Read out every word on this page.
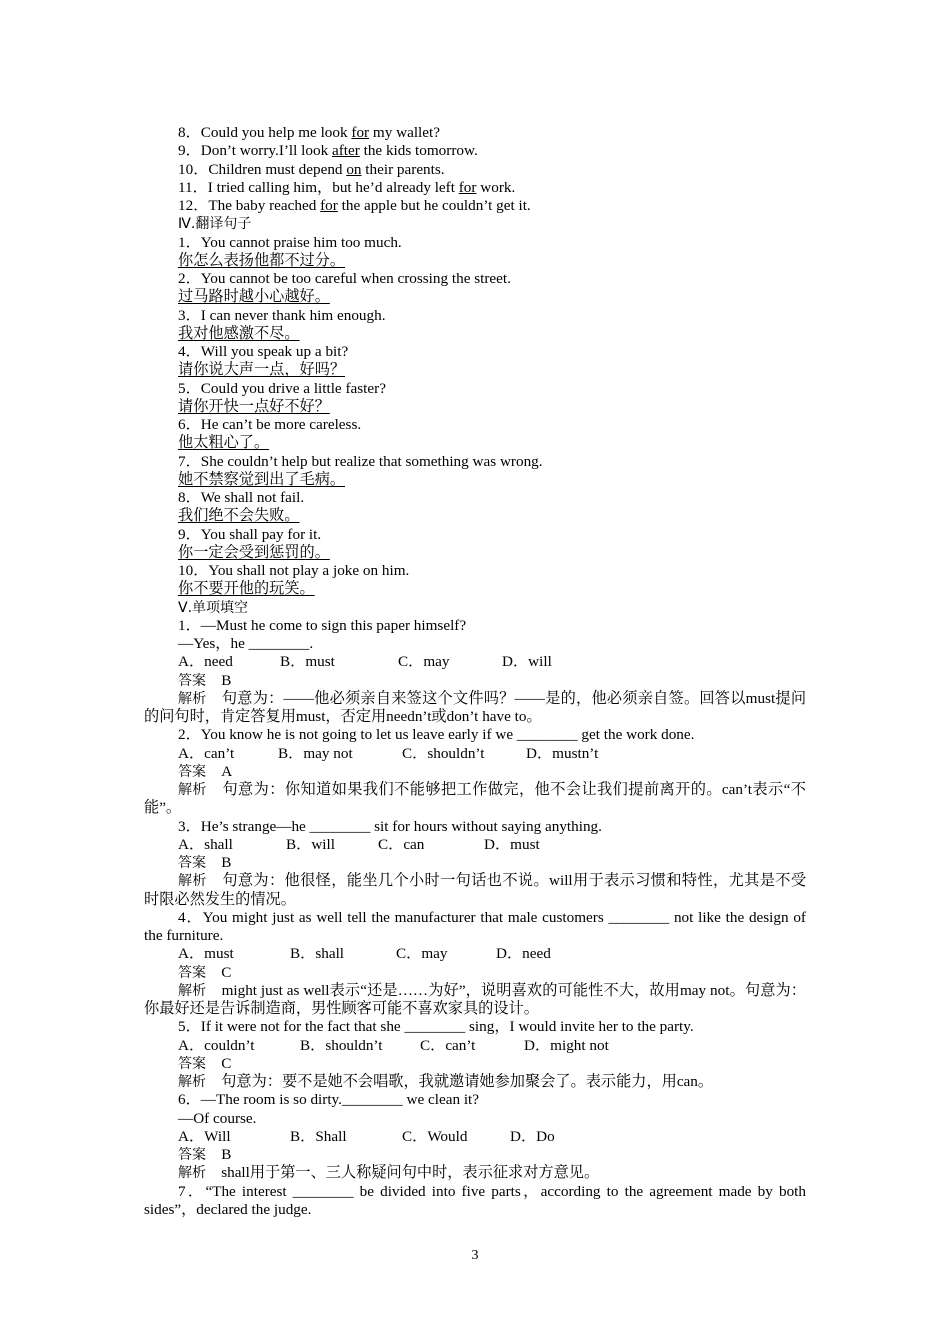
8．Could you help me look for my wallet?
9．Don’t worry.I’ll look after the kids tomorrow.
10．Children must depend on their parents.
11．I tried calling him，but he’d already left for work.
12．The baby reached for the apple but he couldn’t get it.
Ⅳ.翻译句子
1．You cannot praise him too much.
你怎么表扬他都不过分。
2．You cannot be too careful when crossing the street.
过马路时越小心越好。
3．I can never thank him enough.
我对他感激不尽。
4．Will you speak up a bit?
请你说大声一点，好吗？
5．Could you drive a little faster?
请你开快一点好不好？
6．He can’t be more careless.
他太粗心了。
7．She couldn’t help but realize that something was wrong.
她不禁察觉到出了毛病。
8．We shall not fail.
我们绝不会失败。
9．You shall pay for it.
你一定会受到惩罚的。
10．You shall not play a joke on him.
你不要开他的玩笑。
Ⅴ.单项填空
1．—Must he come to sign this paper himself?
—Yes，he ________.
A．need	B．must	C．may	D．will
答案　 B
解析　 句意为：——他必须亲自来签这个文件吗？——是的，他必须亲自签。回答以must提问的问句时，肯定答复用must，否定用needn’t或don’t have to。
2．You know he is not going to let us leave early if we ________ get the work done.
A．can’t	B．may not	C．shouldn’t	D．mustn’t
答案　 A
解析　 句意为：你知道如果我们不能够把工作做完，他不会让我们提前离开的。can’t表示“不能”。
3．He’s strange—he ________ sit for hours without saying anything.
A．shall	B．will	C．can	D．must
答案　 B
解析　 句意为：他很怪，能坐几个小时一句话也不说。will用于表示习惯和特性，尤其是不受时限必然发生的情况。
4．You might just as well tell the manufacturer that male customers ________ not like the design of the furniture.
A．must	B．shall	C．may	D．need
答案　 C
解析　 might just as well表示“还是……为好”，说明喜欢的可能性不大，故用may not。句意为：你最好还是告诉制造商，男性顾客可能不喜欢家具的设计。
5．If it were not for the fact that she ________ sing，I would invite her to the party.
A．couldn’t	B．shouldn’t C．can’t	D．might not
答案　 C
解析　 句意为：要不是她不会唱歌，我就邀请她参加聚会了。表示能力，用can。
6．—The room is so dirty.________ we clean it?
—Of course.
A．Will	B．Shall	C．Would	D．Do
答案　 B
解析　 shall用于第一、三人称疑问句中时，表示征求对方意见。
7．“The interest ________ be divided into five parts，according to the agreement made by both sides”，declared the judge.
3
